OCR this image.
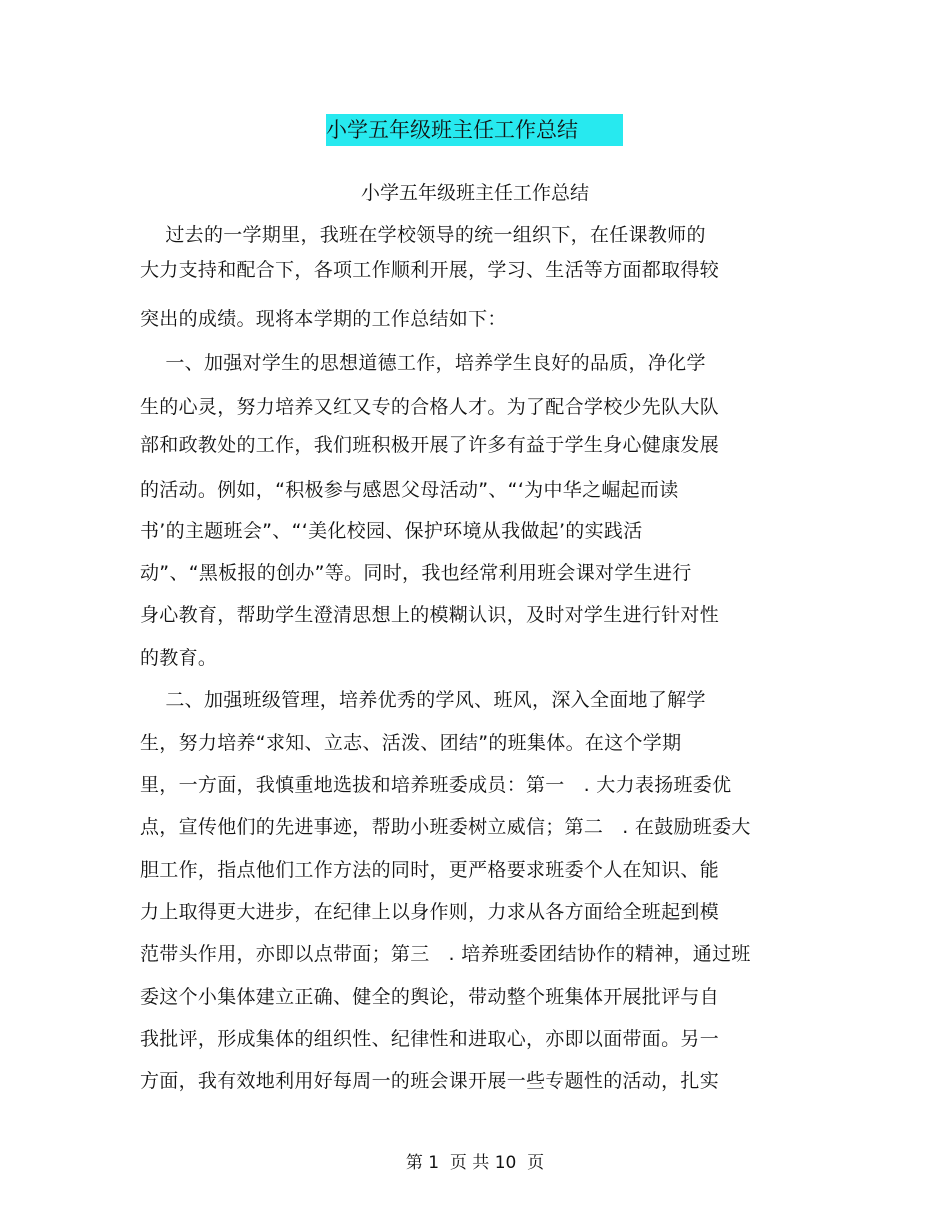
小学五年级班主任工作总结
小学五年级班主任工作总结
过去的一学期里，我班在学校领导的统一组织下，在任课教师的
大力支持和配合下，各项工作顺利开展，学习、生活等方面都取得较
突出的成绩。现将本学期的工作总结如下：
一、加强对学生的思想道德工作，培养学生良好的品质，净化学
生的心灵，努力培养又红又专的合格人才。为了配合学校少先队大队
部和政教处的工作，我们班积极开展了许多有益于学生身心健康发展
的活动。例如，“积极参与感恩父母活动”、“‘为中华之崛起而读
书’的主题班会”、“‘美化校园、保护环境从我做起’的实践活
动”、“黑板报的创办”等。同时，我也经常利用班会课对学生进行
身心教育，帮助学生澄清思想上的模糊认识，及时对学生进行针对性
的教育。
二、加强班级管理，培养优秀的学风、班风，深入全面地了解学
生，努力培养“求知、立志、活泼、团结”的班集体。在这个学期
里，一方面，我慎重地选拔和培养班委成员：第一   . 大力表扬班委优
点，宣传他们的先进事迹，帮助小班委树立威信；第二   . 在鼓励班委大
胆工作，指点他们工作方法的同时，更严格要求班委个人在知识、能
力上取得更大进步，在纪律上以身作则，力求从各方面给全班起到模
范带头作用，亦即以点带面；第三   . 培养班委团结协作的精神，通过班
委这个小集体建立正确、健全的舆论，带动整个班集体开展批评与自
我批评，形成集体的组织性、纪律性和进取心，亦即以面带面。另一
方面，我有效地利用好每周一的班会课开展一些专题性的活动，扎实
第 1  页 共 10  页
